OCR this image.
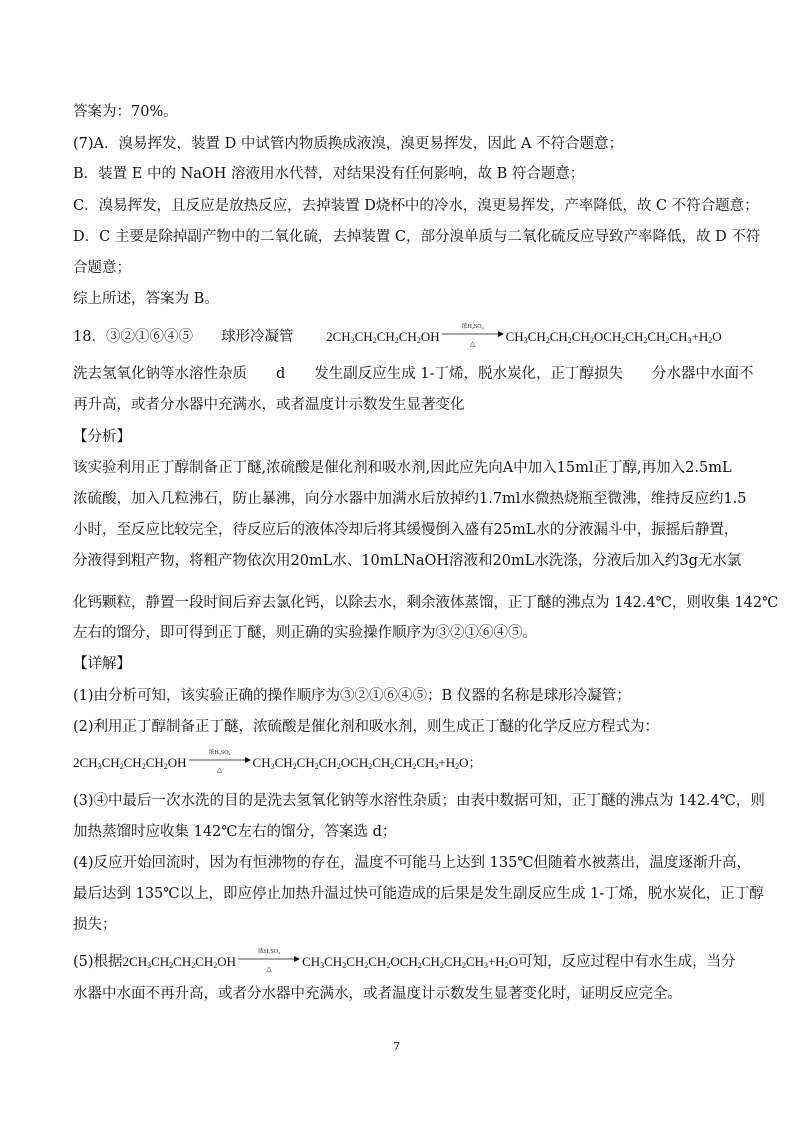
答案为：70%。
(7)A．溴易挥发，装置 D 中试管内物质换成液溴，溴更易挥发，因此 A 不符合题意；
B．装置 E 中的 NaOH 溶液用水代替，对结果没有任何影响，故 B 符合题意；
C．溴易挥发，且反应是放热反应，去掉装置 D烧杯中的冷水，溴更易挥发，产率降低，故 C 不符合题意；
D．C 主要是除掉副产物中的二氧化硫，去掉装置 C，部分溴单质与二氧化硫反应导致产率降低，故 D 不符
合题意；
综上所述，答案为 B。
18．③②①⑥④⑤ 球形冷凝管	2 $CH_3CH_2CH_2CH_2OH$
浓H₂SO₄
△	$CH_3CH_2CH_2CH_2OCH_2CH_2CH_2CH_3 +H_2O$
洗去氢氧化钠等水溶性杂质　　d　　发生副反应生成 1-丁烯，脱水炭化，正丁醇损失　　分水器中水面不
再升高，或者分水器中充满水，或者温度计示数发生显著变化
【分析】
该实验利用正丁醇制备正丁醚,浓硫酸是催化剂和吸水剂,因此应先向A中加入15ml正丁醇,再加入2.5mL
浓硫酸，加入几粒沸石，防止暴沸，向分水器中加满水后放掉约1.7ml水微热烧瓶至微沸，维持反应约1.5
小时，至反应比较完全，待反应后的液体冷却后将其缓慢倒入盛有25mL水的分液漏斗中，振摇后静置，
分液得到粗产物，将粗产物依次用20mL水、10mLNaOH溶液和20mL水洗涤，分液后加入约3g无水氯
化钙颗粒，静置一段时间后弃去氯化钙，以除去水，剩余液体蒸馏，正丁醚的沸点为 142.4℃，则收集 142℃
左右的馏分，即可得到正丁醚，则正确的实验操作顺序为③②①⑥④⑤。
【详解】
(1)由分析可知，该实验正确的操作顺序为③②①⑥④⑤；B 仪器的名称是球形冷凝管；
(2)利用正丁醇制备正丁醚，浓硫酸是催化剂和吸水剂，则生成正丁醚的化学反应方程式为：
2 $CH_3CH_2CH_2CH_2OH$
浓H₂SO₄
△	$CH_3CH_2CH_2CH_2OCH_2CH_2CH_2CH_3 +H_2O$ ；
(3)④中最后一次水洗的目的是洗去氢氧化钠等水溶性杂质；由表中数据可知，正丁醚的沸点为 142.4℃，则
加热蒸馏时应收集 142℃左右的馏分，答案选 d；
(4)反应开始回流时，因为有恒沸物的存在，温度不可能马上达到 135℃但随着水被蒸出，温度逐渐升高，
最后达到 135℃以上，即应停止加热升温过快可能造成的后果是发生副反应生成 1-丁烯，脱水炭化，正丁醇
损失；
(5)根据 2 $CH_3CH_2CH_2CH_2OH$
浓H₂SO₄
△	$CH_3CH_2CH_2CH_2OCH_2CH_2CH_2CH_3 +H_2O$ 可知，反应过程中有水生成，当分
水器中水面不再升高，或者分水器中充满水，或者温度计示数发生显著变化时，证明反应完全。
7
